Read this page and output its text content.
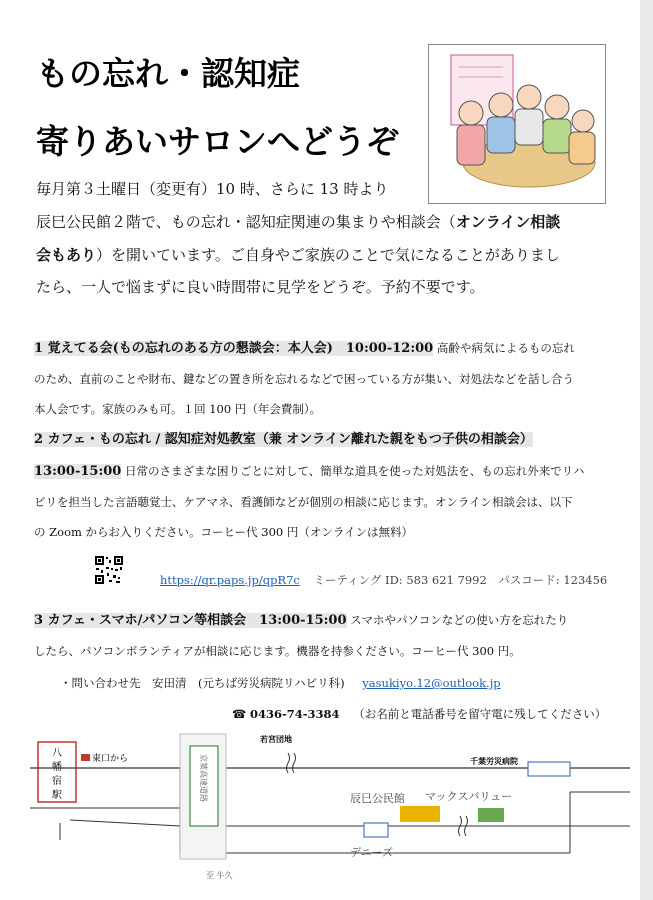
もの忘れ・認知症
寄りあいサロンへどうぞ
毎月第３土曜日（変更有）10 時、さらに 13 時より
辰巳公民館２階で、もの忘れ・認知症関連の集まりや相談会（オンライン相談
会もあり）を開いています。ご自身やご家族のことで気になることがありまし
たら、一人で悩まずに良い時間帯に見学をどうぞ。予約不要です。
1 覚えてる会(もの忘れのある方の懇談会：本人会)　10:00-12:00 高齢や病気によるもの忘れ
のため、直前のことや財布、鍵などの置き所を忘れるなどで困っている方が集い、対処法などを話し合う
本人会です。家族のみも可。１回 100 円（年会費制）。
2 カフェ・もの忘れ / 認知症対処教室（兼 オンライン離れた親をもつ子供の相談会）
13:00-15:00 日常のさまざまな困りごとに対して、簡単な道具を使った対処法を、もの忘れ外来でリハ
ビリを担当した言語聴覚士、ケアマネ、看護師などが個別の相談に応じます。オンライン相談会は、以下
の Zoom からお入りください。コーヒー代 300 円（オンラインは無料）
https://qr.paps.jp/qpR7c ミーティング ID: 583 621 7992　パスコード: 123456
3 カフェ・スマホ/パソコン等相談会　13:00-15:00 スマホやパソコンなどの使い方を忘れたり
したら、パソコンボランティアが相談に応じます。機器を持参ください。コーヒー代 300 円。
・問い合わせ先　安田清　(元ちば労災病院リハビリ科) yasukiyo.12@outlook.jp
☎ 0436-74-3384 （お名前と電話番号を留守電に残してください）
八
幡
宿
駅
東口から	京葉高速道路
至 牛久
若宮団地
千葉労災病院
辰巳公民館 マックスバリュー
デニーズ
